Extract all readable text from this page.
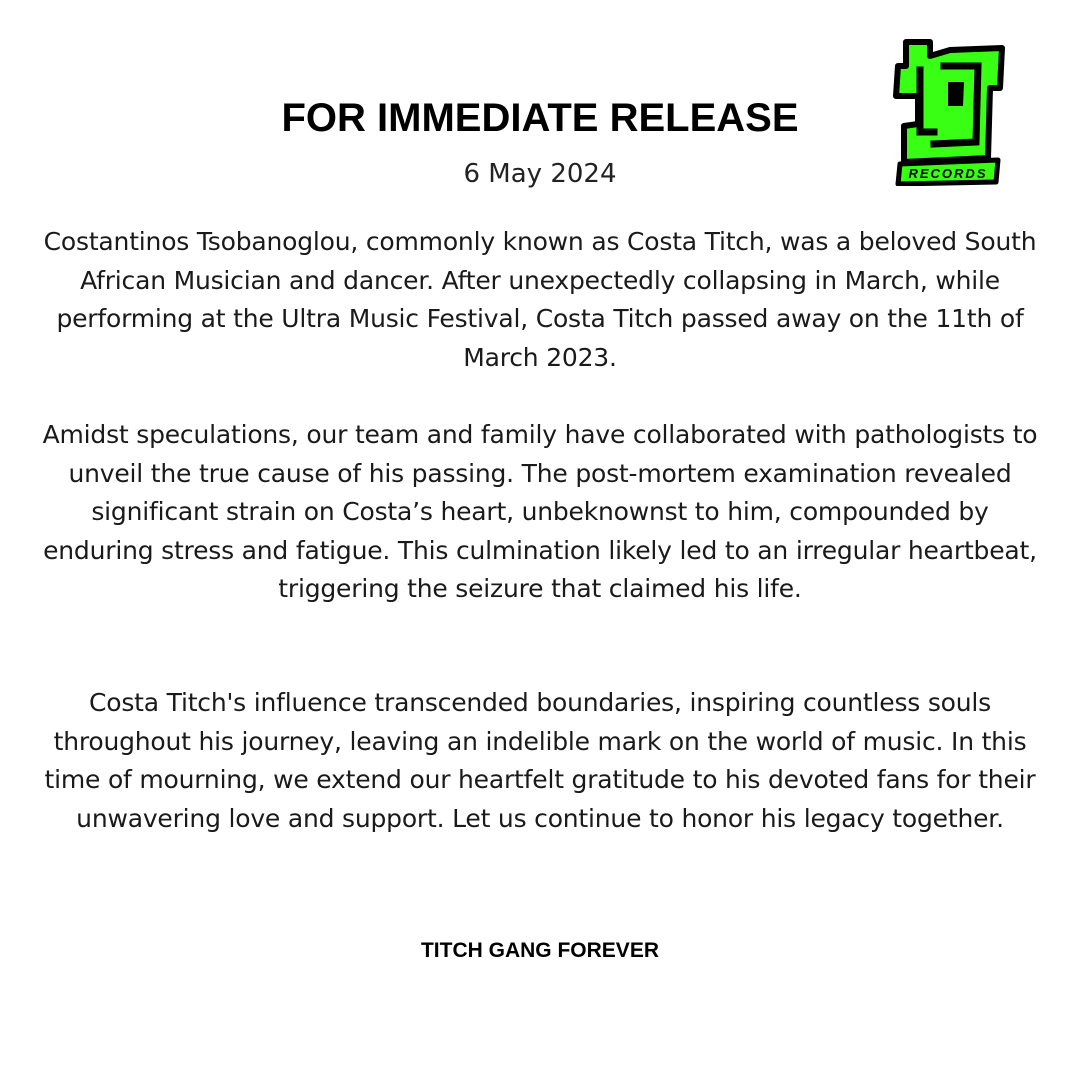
RECORDS
FOR IMMEDIATE RELEASE
6 May 2024

Costantinos Tsobanoglou, commonly known as Costa Titch, was a beloved South African Musician and dancer. After unexpectedly collapsing in March, while performing at the Ultra Music Festival, Costa Titch passed away on the 11th of March 2023.

Amidst speculations, our team and family have collaborated with pathologists to unveil the true cause of his passing. The post-mortem examination revealed significant strain on Costa’s heart, unbeknownst to him, compounded by enduring stress and fatigue. This culmination likely led to an irregular heartbeat, triggering the seizure that claimed his life.

Costa Titch's influence transcended boundaries, inspiring countless souls throughout his journey, leaving an indelible mark on the world of music. In this time of mourning, we extend our heartfelt gratitude to his devoted fans for their unwavering love and support. Let us continue to honor his legacy together.

TITCH GANG FOREVER
